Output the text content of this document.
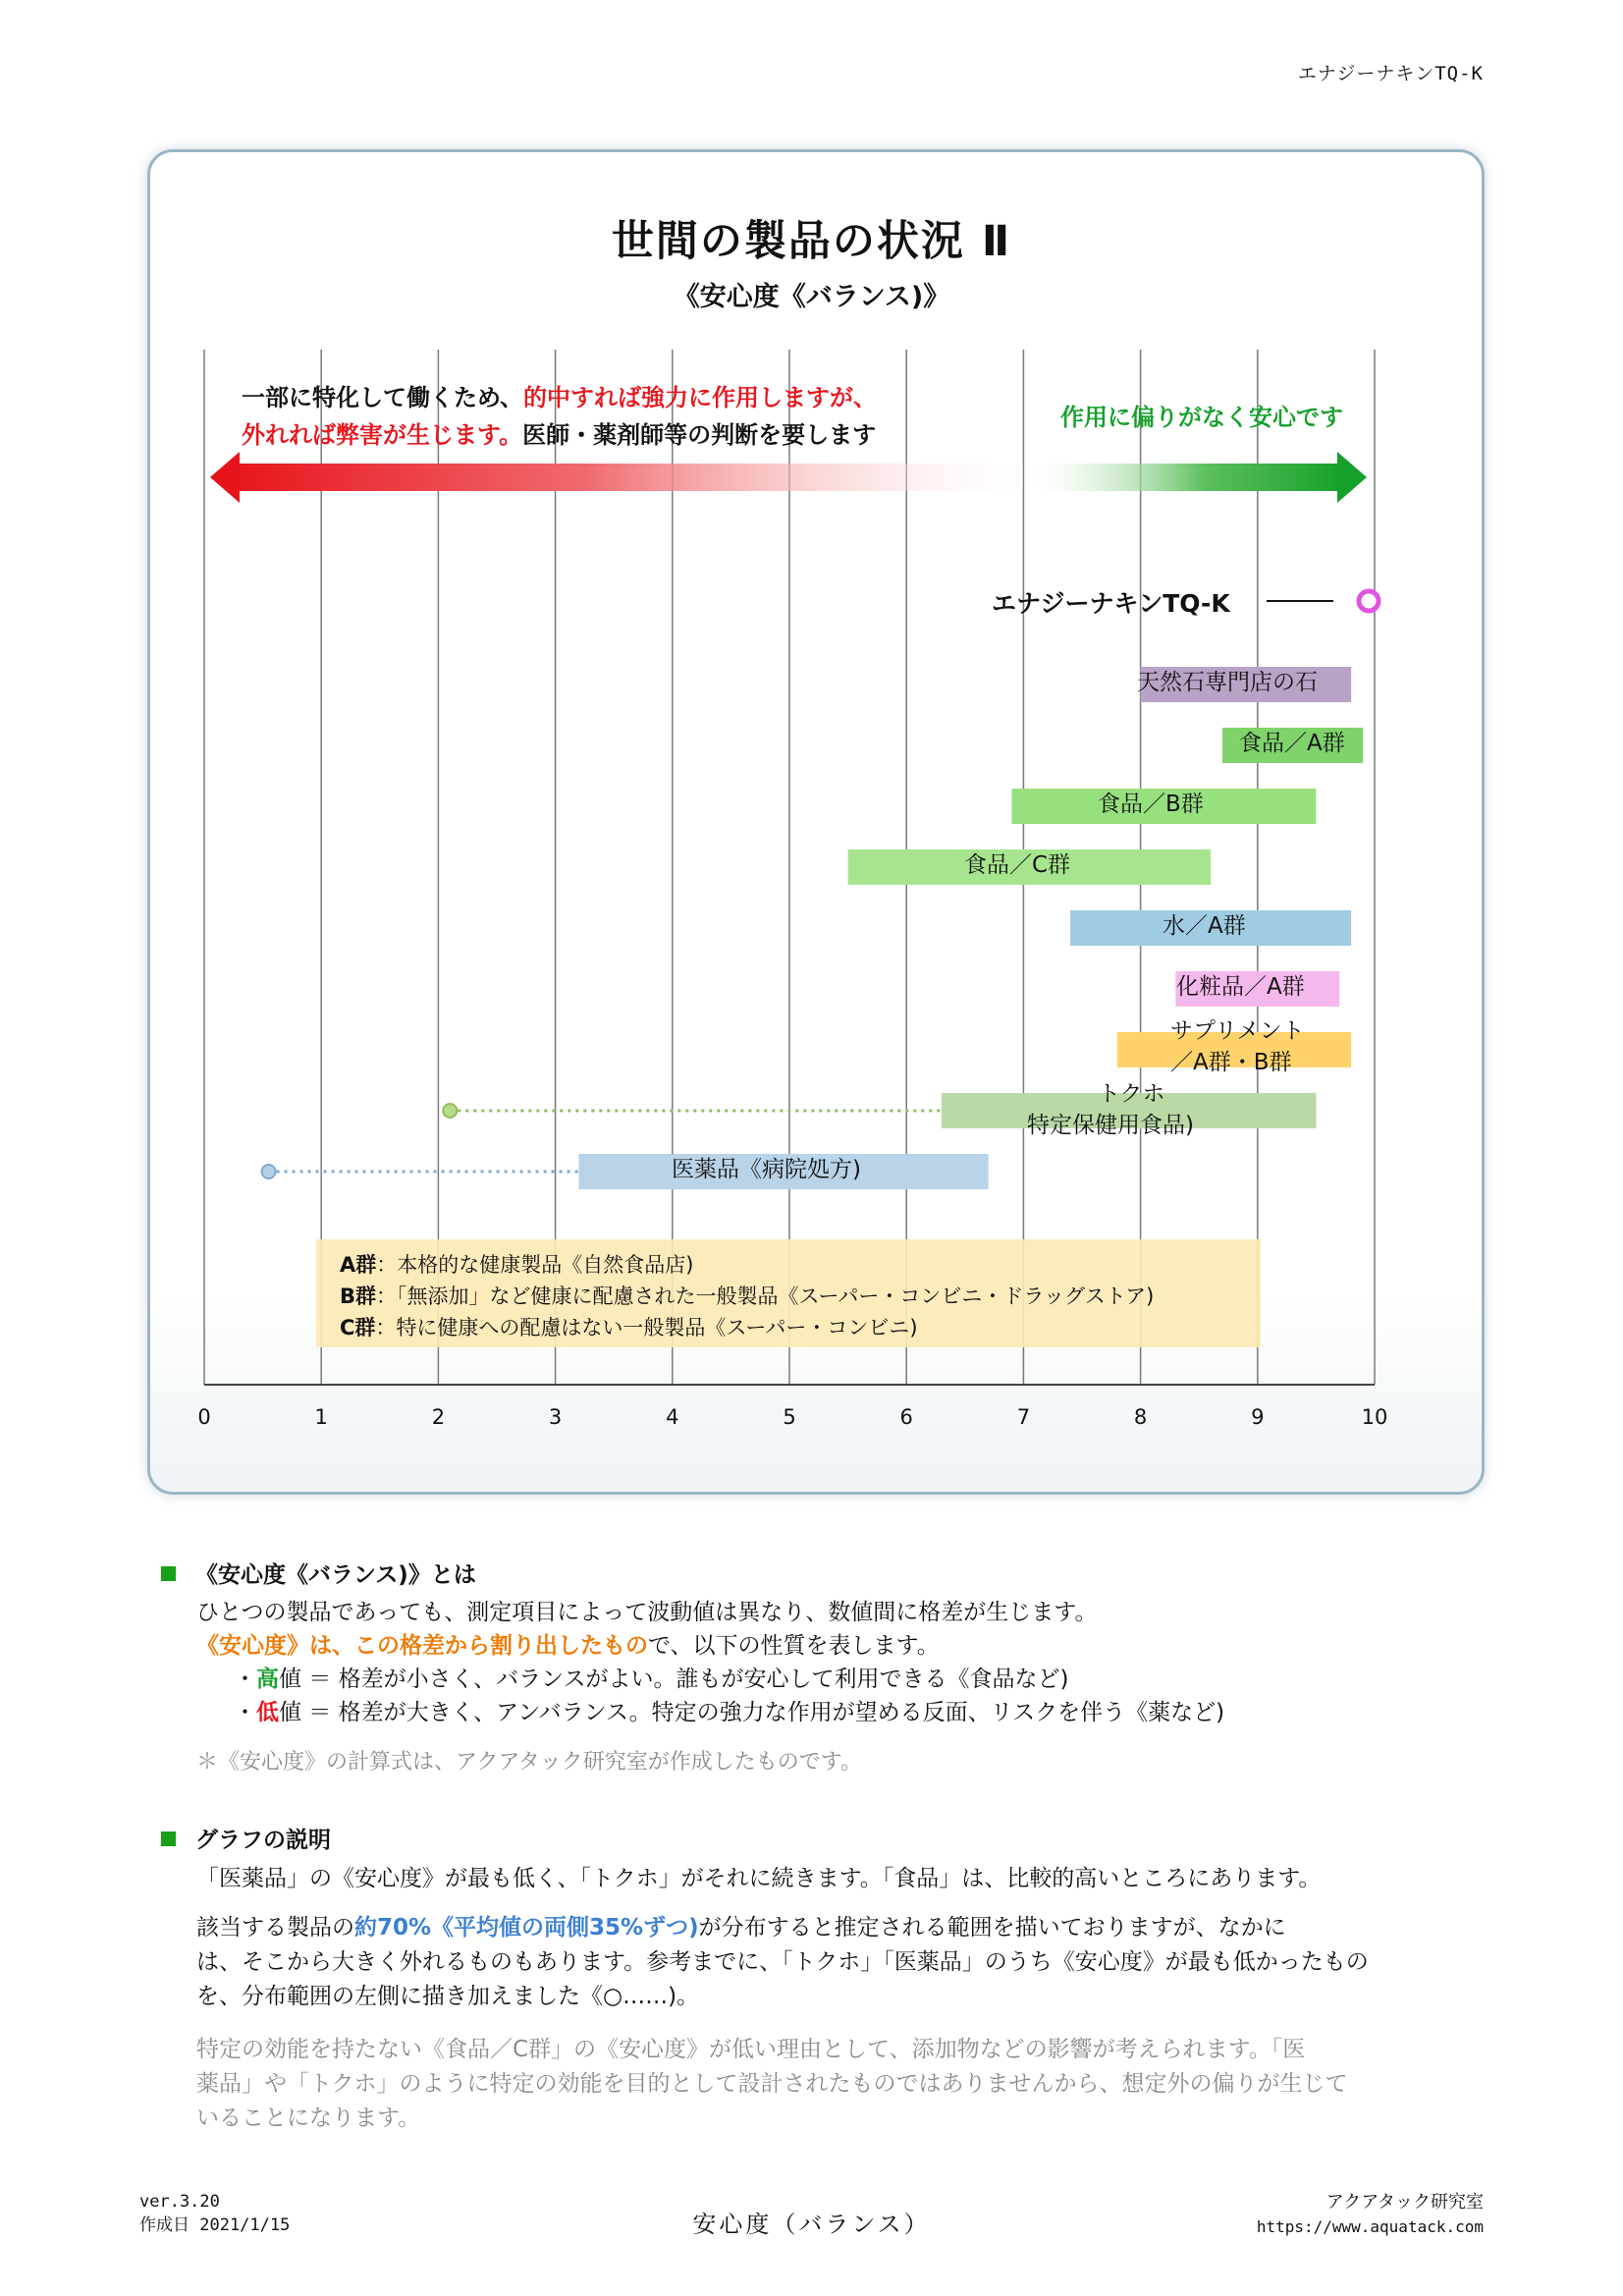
エナジーナキンTQ-K
世間の製品の状況 Ⅱ
《安心度《バランス)》
0	1	2	3	4	5	6	7	8	9	10
一部に特化して働くため、的中すれば強力に作用しますが、
外れれば弊害が生じます。医師・薬剤師等の判断を要します
作用に偏りがなく安心です
エナジーナキンTQ-K
天然石専門店の石
食品／A群
食品／B群
食品／C群
水／A群
化粧品／A群
サプリメント
／A群・B群
トクホ
特定保健用食品)
医薬品《病院処方)
A群：本格的な健康製品《自然食品店)
B群：「無添加」など健康に配慮された一般製品《スーパー・コンビニ・ドラッグストア)
C群：特に健康への配慮はない一般製品《スーパー・コンビニ)
《安心度《バランス)》とは
ひとつの製品であっても、測定項目によって波動値は異なり、数値間に格差が生じます。
《安心度》は、この格差から割り出したもので、以下の性質を表します。
・高値 ＝ 格差が小さく、バランスがよい。誰もが安心して利用できる《食品など)
・低値 ＝ 格差が大きく、アンバランス。特定の強力な作用が望める反面、リスクを伴う《薬など)
＊《安心度》の計算式は、アクアタック研究室が作成したものです。
グラフの説明
「医薬品」の《安心度》が最も低く、「トクホ」がそれに続きます。「食品」は、比較的高いところにあります。
該当する製品の約70%《平均値の両側35%ずつ)が分布すると推定される範囲を描いておりますが、なかに
は、そこから大きく外れるものもあります。参考までに、「トクホ」「医薬品」のうち《安心度》が最も低かったもの
を、分布範囲の左側に描き加えました《○……)。
特定の効能を持たない《食品／C群」の《安心度》が低い理由として、添加物などの影響が考えられます。「医
薬品」や「トクホ」のように特定の効能を目的として設計されたものではありませんから、想定外の偏りが生じて
いることになります。
ver.3.20
作成日 2021/1/15	安心度（バランス）
アクアタック研究室
https://www.aquatack.com
